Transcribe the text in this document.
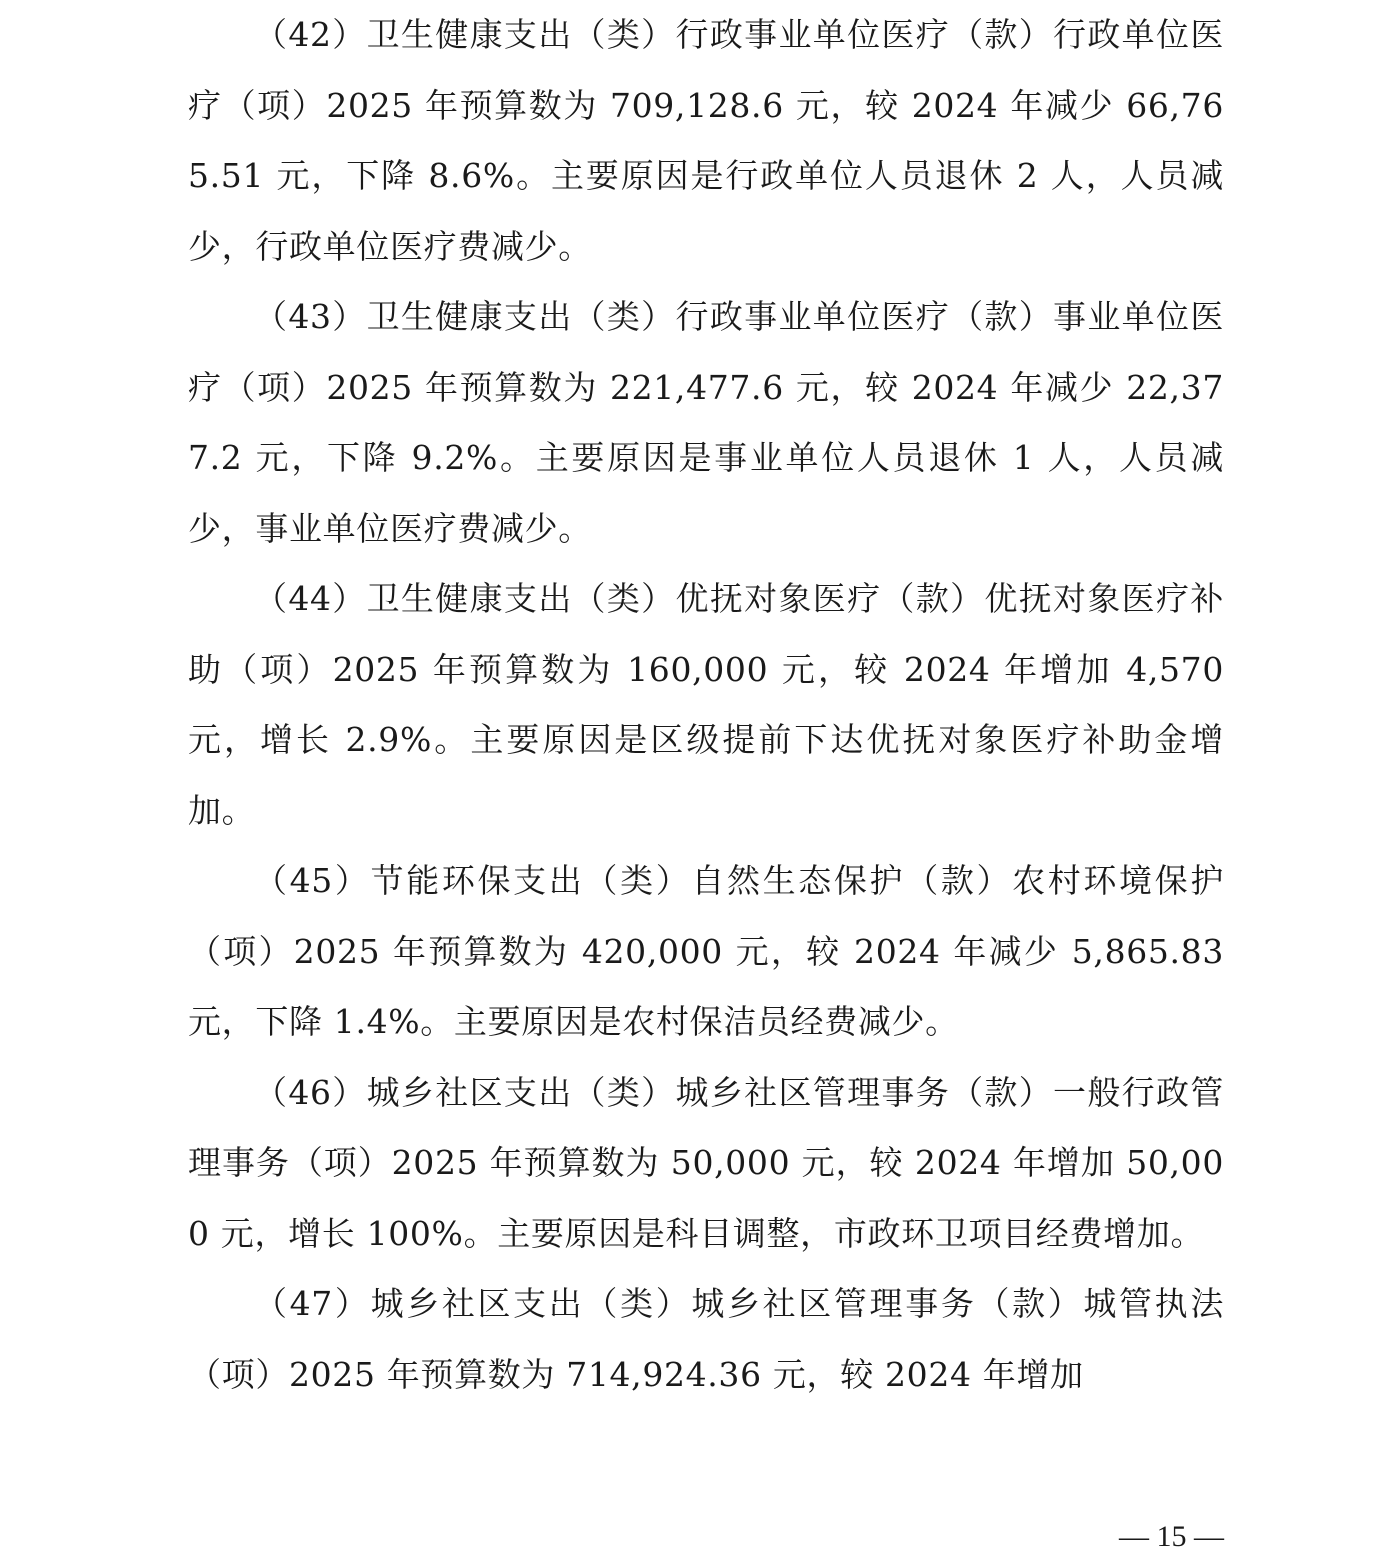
（42）卫生健康支出（类）行政事业单位医疗（款）行政单位医疗（项）2025 年预算数为 709,128.6 元，较 2024 年减少 66,765.51 元，下降 8.6%。主要原因是行政单位人员退休 2 人，人员减少，行政单位医疗费减少。

（43）卫生健康支出（类）行政事业单位医疗（款）事业单位医疗（项）2025 年预算数为 221,477.6 元，较 2024 年减少 22,377.2 元，下降 9.2%。主要原因是事业单位人员退休 1 人，人员减少，事业单位医疗费减少。

（44）卫生健康支出（类）优抚对象医疗（款）优抚对象医疗补助（项）2025 年预算数为 160,000 元，较 2024 年增加 4,570 元，增长 2.9%。主要原因是区级提前下达优抚对象医疗补助金增加。

（45）节能环保支出（类）自然生态保护（款）农村环境保护（项）2025 年预算数为 420,000 元，较 2024 年减少 5,865.83 元，下降 1.4%。主要原因是农村保洁员经费减少。

（46）城乡社区支出（类）城乡社区管理事务（款）一般行政管理事务（项）2025 年预算数为 50,000 元，较 2024 年增加 50,000 元，增长 100%。主要原因是科目调整，市政环卫项目经费增加。

（47）城乡社区支出（类）城乡社区管理事务（款）城管执法（项）2025 年预算数为 714,924.36 元，较 2024 年增加

— 15 —
